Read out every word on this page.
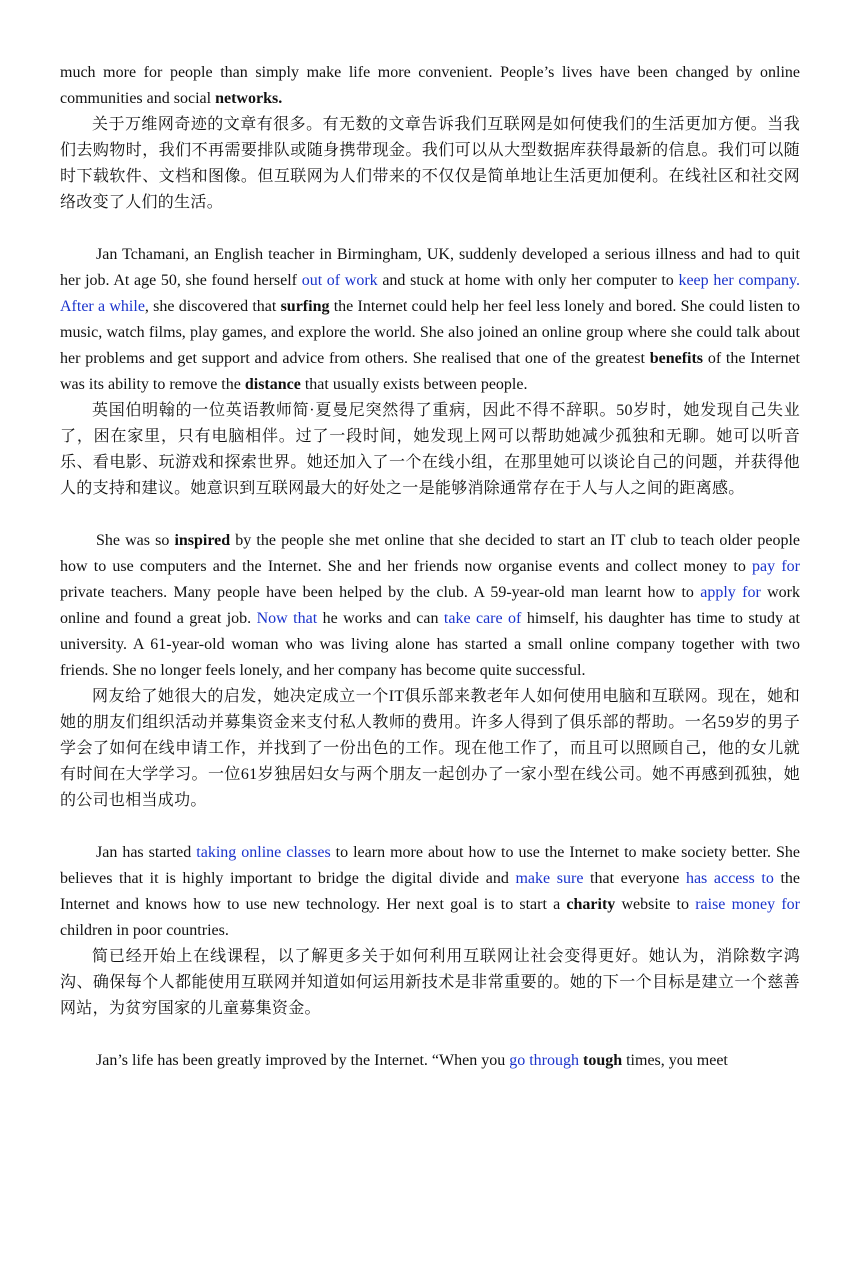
much more for people than simply make life more convenient. People’s lives have been changed by online communities and social networks.

关于万维网奇迹的文章有很多。有无数的文章告诉我们互联网是如何使我们的生活更加方便。当我们去购物时，我们不再需要排队或随身携带现金。我们可以从大型数据库获得最新的信息。我们可以随时下载软件、文档和图像。但互联网为人们带来的不仅仅是简单地让生活更加便利。在线社区和社交网络改变了人们的生活。

Jan Tchamani, an English teacher in Birmingham, UK, suddenly developed a serious illness and had to quit her job. At age 50, she found herself out of work and stuck at home with only her computer to keep her company. After a while, she discovered that surfing the Internet could help her feel less lonely and bored. She could listen to music, watch films, play games, and explore the world. She also joined an online group where she could talk about her problems and get support and advice from others. She realised that one of the greatest benefits of the Internet was its ability to remove the distance that usually exists between people.

英国伯明翰的一位英语教师简·夏曼尼突然得了重病，因此不得不辞职。50岁时，她发现自己失业了，困在家里，只有电脑相伴。过了一段时间，她发现上网可以帮助她减少孤独和无聊。她可以听音乐、看电影、玩游戏和探索世界。她还加入了一个在线小组，在那里她可以谈论自己的问题，并获得他人的支持和建议。她意识到互联网最大的好处之一是能够消除通常存在于人与人之间的距离感。

She was so inspired by the people she met online that she decided to start an IT club to teach older people how to use computers and the Internet. She and her friends now organise events and collect money to pay for private teachers. Many people have been helped by the club. A 59-year-old man learnt how to apply for work online and found a great job. Now that he works and can take care of himself, his daughter has time to study at university. A 61-year-old woman who was living alone has started a small online company together with two friends. She no longer feels lonely, and her company has become quite successful.

网友给了她很大的启发，她决定成立一个IT俱乐部来教老年人如何使用电脑和互联网。现在，她和她的朋友们组织活动并募集资金来支付私人教师的费用。许多人得到了俱乐部的帮助。一名59岁的男子学会了如何在线申请工作，并找到了一份出色的工作。现在他工作了，而且可以照顾自己，他的女儿就有时间在大学学习。一位61岁独居妇女与两个朋友一起创办了一家小型在线公司。她不再感到孤独，她的公司也相当成功。

Jan has started taking online classes to learn more about how to use the Internet to make society better. She believes that it is highly important to bridge the digital divide and make sure that everyone has access to the Internet and knows how to use new technology. Her next goal is to start a charity website to raise money for children in poor countries.

简已经开始上在线课程，以了解更多关于如何利用互联网让社会变得更好。她认为，消除数字鸿沟、确保每个人都能使用互联网并知道如何运用新技术是非常重要的。她的下一个目标是建立一个慈善网站，为贫穷国家的儿童募集资金。

Jan’s life has been greatly improved by the Internet. “When you go through tough times, you meet
